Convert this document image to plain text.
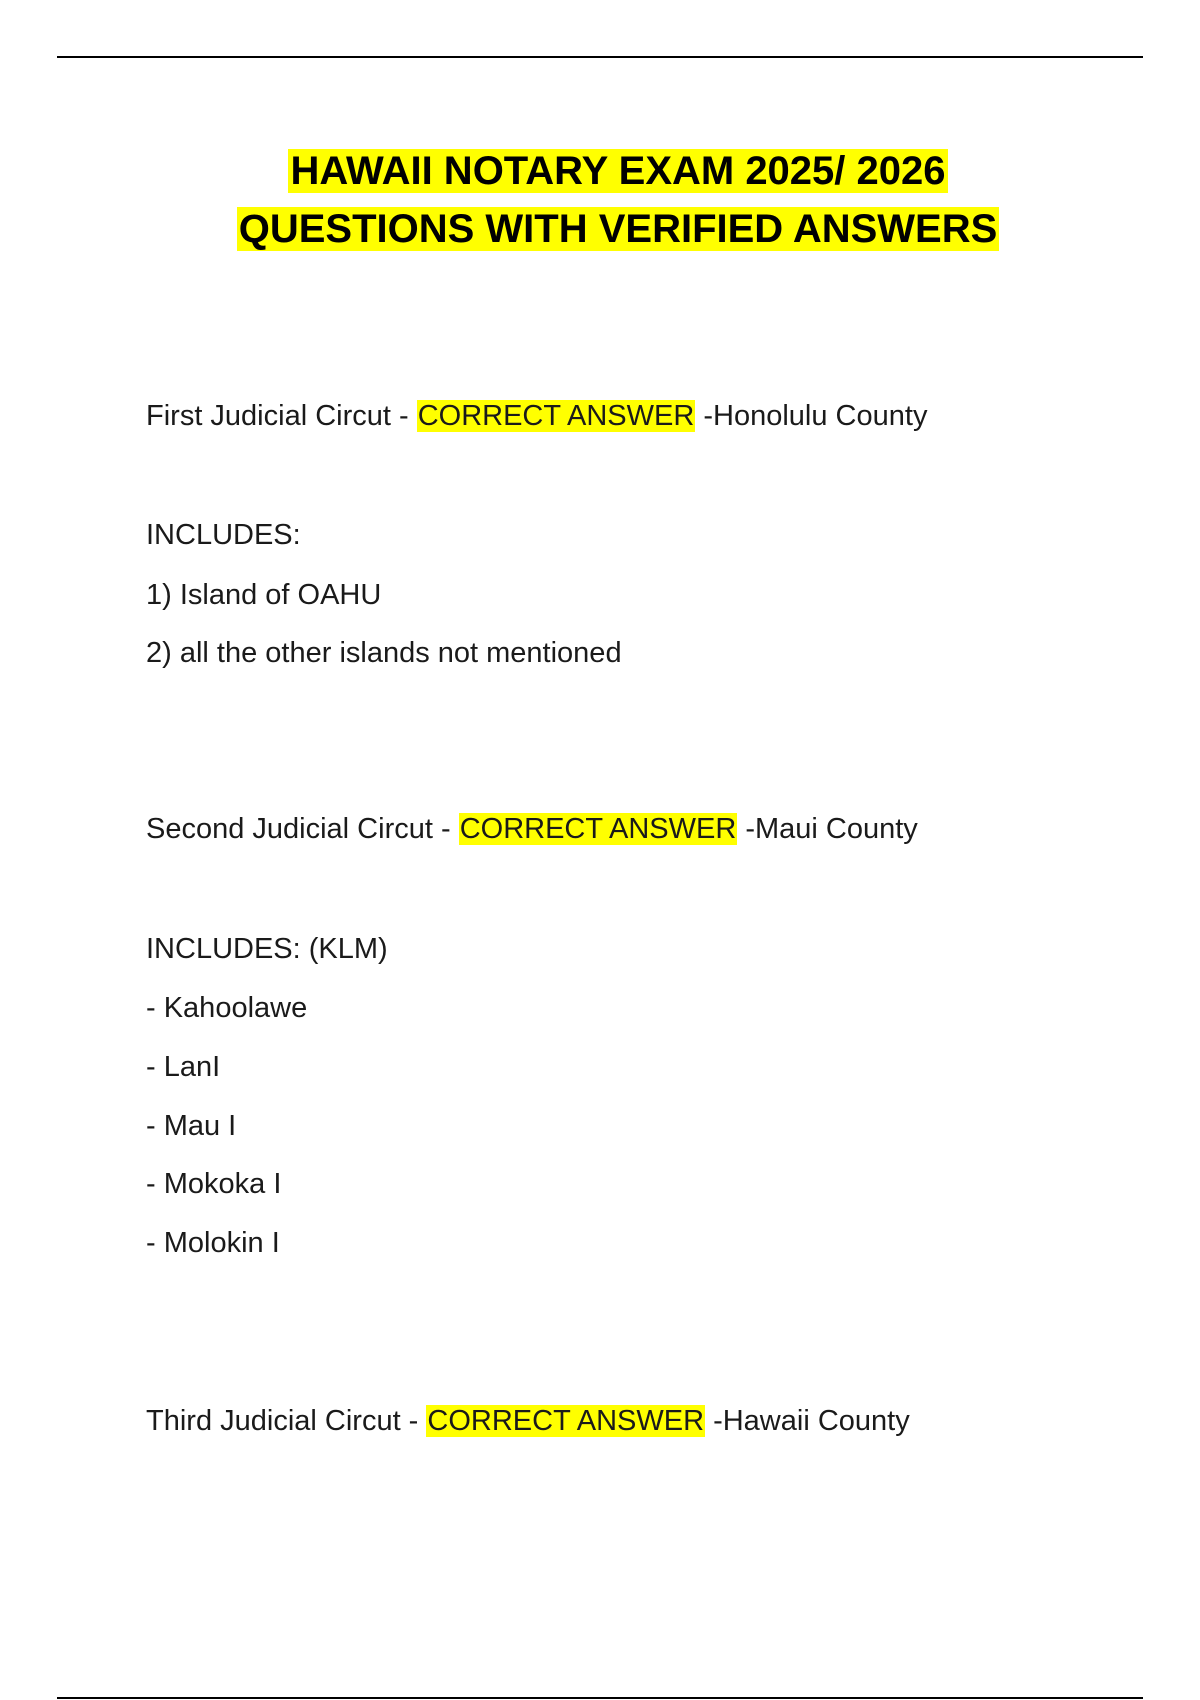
HAWAII NOTARY EXAM 2025/ 2026
QUESTIONS WITH VERIFIED ANSWERS
First Judicial Circut - CORRECT ANSWER -Honolulu County
INCLUDES:
1) Island of OAHU
2) all the other islands not mentioned
Second Judicial Circut - CORRECT ANSWER -Maui County
INCLUDES: (KLM)
- Kahoolawe
- LanI
- Mau I
- Mokoka I
- Molokin I
Third Judicial Circut - CORRECT ANSWER -Hawaii County
